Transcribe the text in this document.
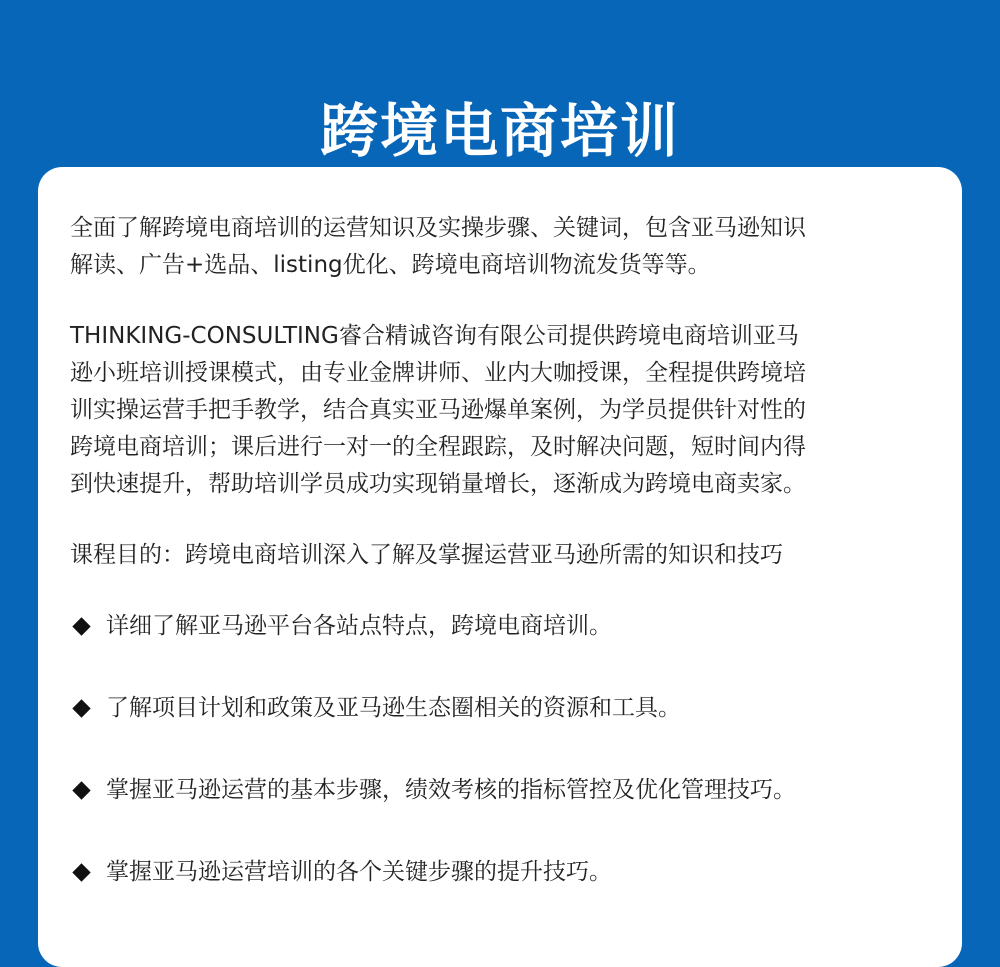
跨境电商培训

全面了解跨境电商培训的运营知识及实操步骤、关键词，包含亚马逊知识
解读、广告+选品、listing优化、跨境电商培训物流发货等等。

THINKING-CONSULTING睿合精诚咨询有限公司提供跨境电商培训亚马
逊小班培训授课模式，由专业金牌讲师、业内大咖授课，全程提供跨境培
训实操运营手把手教学，结合真实亚马逊爆单案例，为学员提供针对性的
跨境电商培训；课后进行一对一的全程跟踪，及时解决问题，短时间内得
到快速提升，帮助培训学员成功实现销量增长，逐渐成为跨境电商卖家。

课程目的：跨境电商培训深入了解及掌握运营亚马逊所需的知识和技巧

详细了解亚马逊平台各站点特点，跨境电商培训。
了解项目计划和政策及亚马逊生态圈相关的资源和工具。
掌握亚马逊运营的基本步骤，绩效考核的指标管控及优化管理技巧。
掌握亚马逊运营培训的各个关键步骤的提升技巧。
